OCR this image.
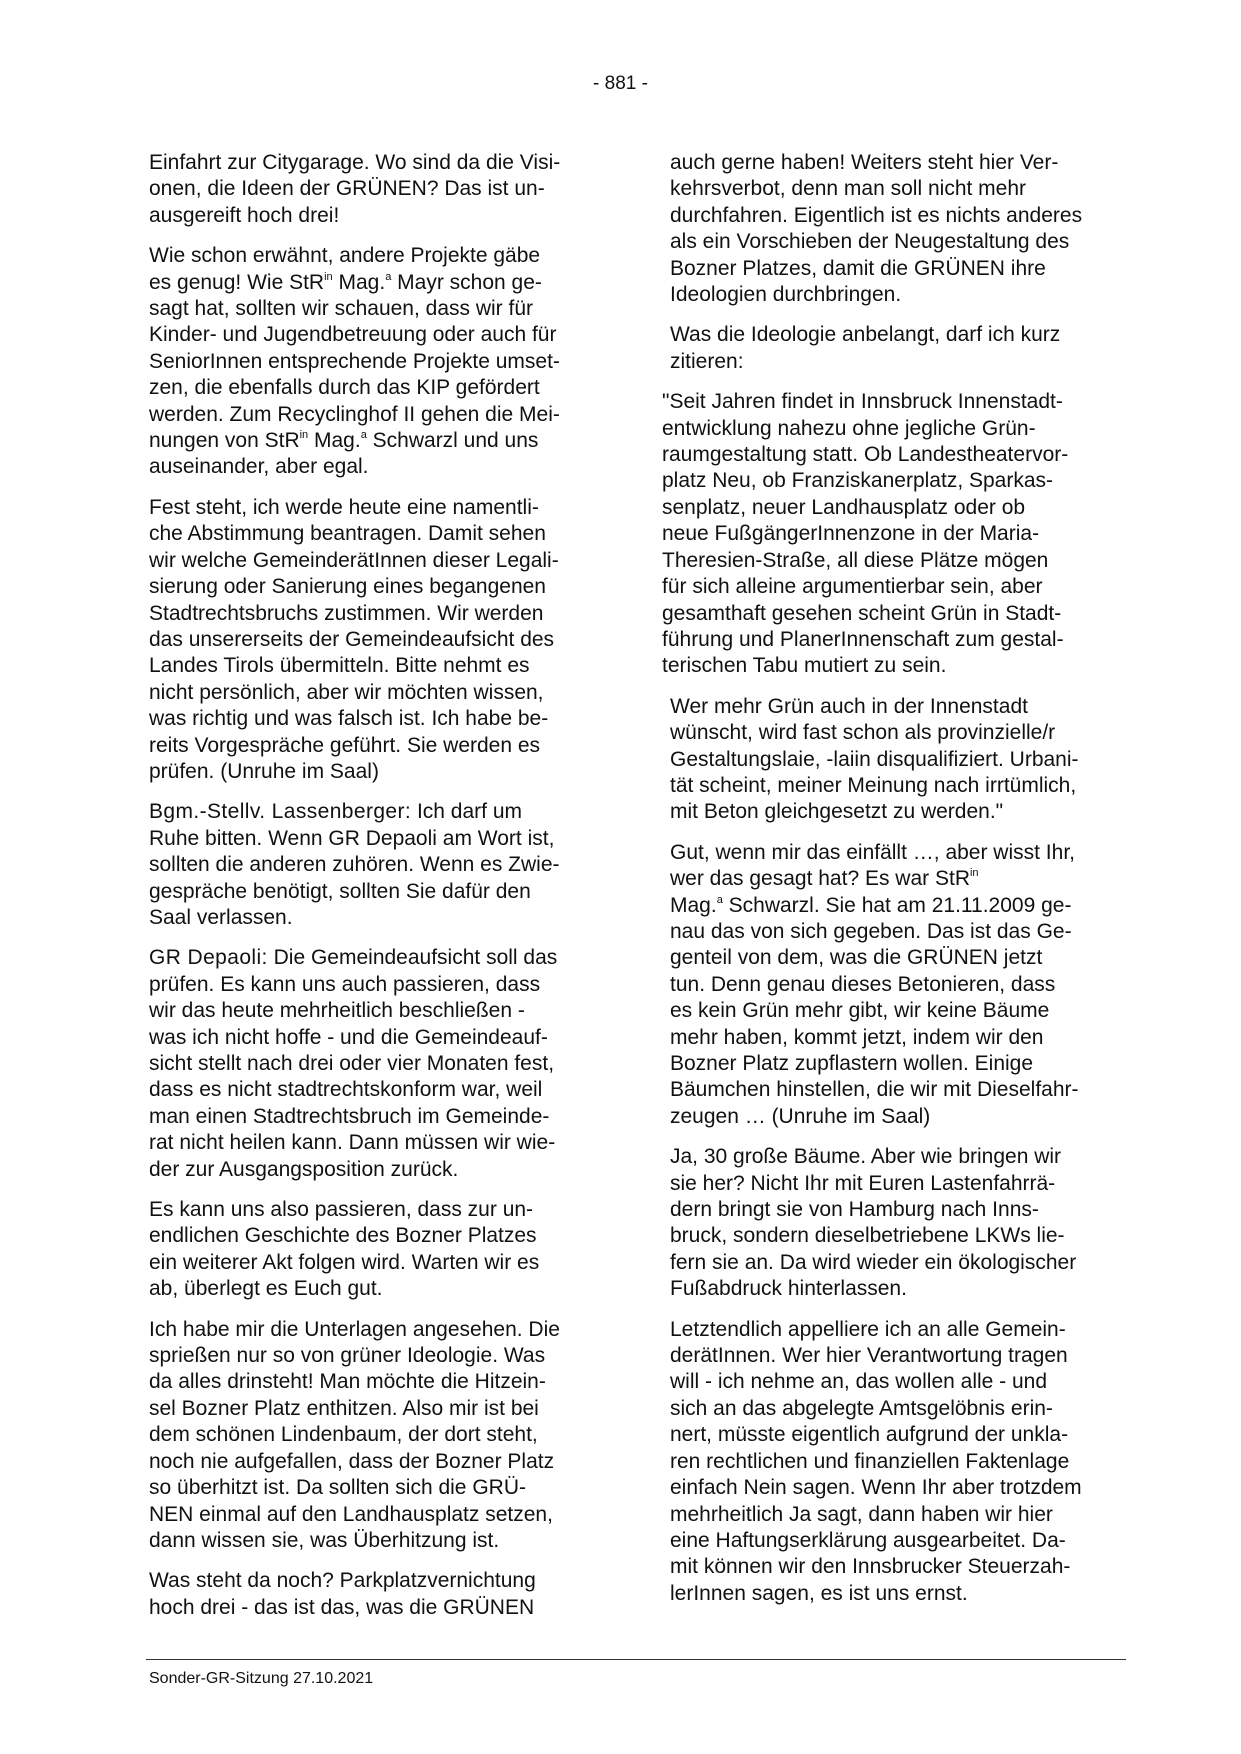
- 881 -

Einfahrt zur Citygarage. Wo sind da die Visi-
onen, die Ideen der GRÜNEN? Das ist un-
ausgereift hoch drei!

Wie schon erwähnt, andere Projekte gäbe
es genug! Wie StR$^{in}$ Mag.$^a$ Mayr schon ge-
sagt hat, sollten wir schauen, dass wir für
Kinder- und Jugendbetreuung oder auch für
SeniorInnen entsprechende Projekte umset-
zen, die ebenfalls durch das KIP gefördert
werden. Zum Recyclinghof II gehen die Mei-
nungen von StR$^{in}$ Mag.$^a$ Schwarzl und uns
auseinander, aber egal.

Fest steht, ich werde heute eine namentli-
che Abstimmung beantragen. Damit sehen
wir welche GemeinderätInnen dieser Legali-
sierung oder Sanierung eines begangenen
Stadtrechtsbruchs zustimmen. Wir werden
das unsererseits der Gemeindeaufsicht des
Landes Tirols übermitteln. Bitte nehmt es
nicht persönlich, aber wir möchten wissen,
was richtig und was falsch ist. Ich habe be-
reits Vorgespräche geführt. Sie werden es
prüfen. (Unruhe im Saal)

Bgm.-Stellv. Lassenberger: Ich darf um
Ruhe bitten. Wenn GR Depaoli am Wort ist,
sollten die anderen zuhören. Wenn es Zwie-
gespräche benötigt, sollten Sie dafür den
Saal verlassen.

GR Depaoli: Die Gemeindeaufsicht soll das
prüfen. Es kann uns auch passieren, dass
wir das heute mehrheitlich beschließen -
was ich nicht hoffe - und die Gemeindeauf-
sicht stellt nach drei oder vier Monaten fest,
dass es nicht stadtrechtskonform war, weil
man einen Stadtrechtsbruch im Gemeinde-
rat nicht heilen kann. Dann müssen wir wie-
der zur Ausgangsposition zurück.

Es kann uns also passieren, dass zur un-
endlichen Geschichte des Bozner Platzes
ein weiterer Akt folgen wird. Warten wir es
ab, überlegt es Euch gut.

Ich habe mir die Unterlagen angesehen. Die
sprießen nur so von grüner Ideologie. Was
da alles drinsteht! Man möchte die Hitzein-
sel Bozner Platz enthitzen. Also mir ist bei
dem schönen Lindenbaum, der dort steht,
noch nie aufgefallen, dass der Bozner Platz
so überhitzt ist. Da sollten sich die GRÜ-
NEN einmal auf den Landhausplatz setzen,
dann wissen sie, was Überhitzung ist.

Was steht da noch? Parkplatzvernichtung
hoch drei - das ist das, was die GRÜNEN

auch gerne haben! Weiters steht hier Ver-
kehrsverbot, denn man soll nicht mehr
durchfahren. Eigentlich ist es nichts anderes
als ein Vorschieben der Neugestaltung des
Bozner Platzes, damit die GRÜNEN ihre
Ideologien durchbringen.

Was die Ideologie anbelangt, darf ich kurz
zitieren:

"Seit Jahren findet in Innsbruck Innenstadt-
entwicklung nahezu ohne jegliche Grün-
raumgestaltung statt. Ob Landestheatervor-
platz Neu, ob Franziskanerplatz, Sparkas-
senplatz, neuer Landhausplatz oder ob
neue FußgängerInnenzone in der Maria-
Theresien-Straße, all diese Plätze mögen
für sich alleine argumentierbar sein, aber
gesamthaft gesehen scheint Grün in Stadt-
führung und PlanerInnenschaft zum gestal-
terischen Tabu mutiert zu sein.

Wer mehr Grün auch in der Innenstadt
wünscht, wird fast schon als provinzielle/r
Gestaltungslaie, -laiin disqualifiziert. Urbani-
tät scheint, meiner Meinung nach irrtümlich,
mit Beton gleichgesetzt zu werden."

Gut, wenn mir das einfällt …, aber wisst Ihr,
wer das gesagt hat? Es war StR$^{in}$
Mag.$^a$ Schwarzl. Sie hat am 21.11.2009 ge-
nau das von sich gegeben. Das ist das Ge-
genteil von dem, was die GRÜNEN jetzt
tun. Denn genau dieses Betonieren, dass
es kein Grün mehr gibt, wir keine Bäume
mehr haben, kommt jetzt, indem wir den
Bozner Platz zupflastern wollen. Einige
Bäumchen hinstellen, die wir mit Dieselfahr-
zeugen … (Unruhe im Saal)

Ja, 30 große Bäume. Aber wie bringen wir
sie her? Nicht Ihr mit Euren Lastenfahrrä-
dern bringt sie von Hamburg nach Inns-
bruck, sondern dieselbetriebene LKWs lie-
fern sie an. Da wird wieder ein ökologischer
Fußabdruck hinterlassen.

Letztendlich appelliere ich an alle Gemein-
derätInnen. Wer hier Verantwortung tragen
will - ich nehme an, das wollen alle - und
sich an das abgelegte Amtsgelöbnis erin-
nert, müsste eigentlich aufgrund der unkla-
ren rechtlichen und finanziellen Faktenlage
einfach Nein sagen. Wenn Ihr aber trotzdem
mehrheitlich Ja sagt, dann haben wir hier
eine Haftungserklärung ausgearbeitet. Da-
mit können wir den Innsbrucker Steuerzah-
lerInnen sagen, es ist uns ernst.

Sonder-GR-Sitzung 27.10.2021
